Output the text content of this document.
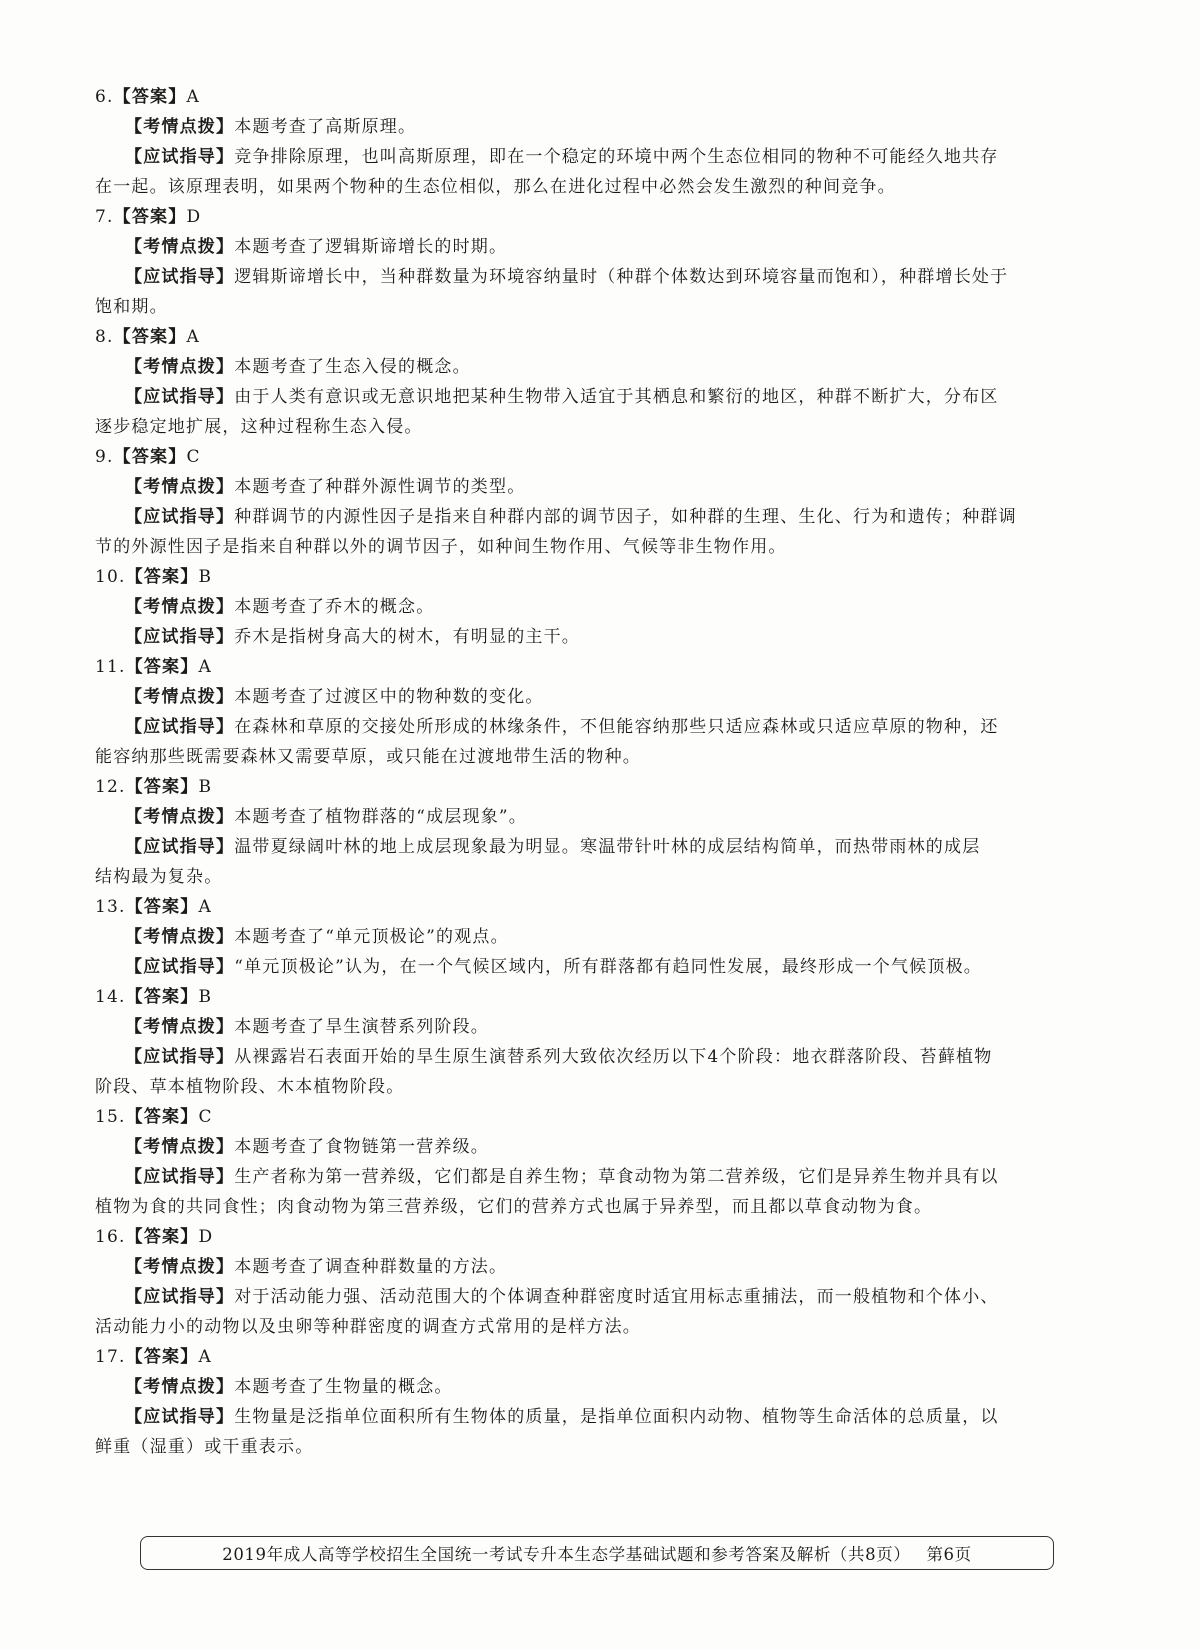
6.【答案】A
【考情点拨】本题考查了高斯原理。
【应试指导】竞争排除原理，也叫高斯原理，即在一个稳定的环境中两个生态位相同的物种不可能经久地共存
在一起。该原理表明，如果两个物种的生态位相似，那么在进化过程中必然会发生激烈的种间竞争。
7.【答案】D
【考情点拨】本题考查了逻辑斯谛增长的时期。
【应试指导】逻辑斯谛增长中，当种群数量为环境容纳量时（种群个体数达到环境容量而饱和），种群增长处于
饱和期。
8.【答案】A
【考情点拨】本题考查了生态入侵的概念。
【应试指导】由于人类有意识或无意识地把某种生物带入适宜于其栖息和繁衍的地区，种群不断扩大，分布区
逐步稳定地扩展，这种过程称生态入侵。
9.【答案】C
【考情点拨】本题考查了种群外源性调节的类型。
【应试指导】种群调节的内源性因子是指来自种群内部的调节因子，如种群的生理、生化、行为和遗传；种群调
节的外源性因子是指来自种群以外的调节因子，如种间生物作用、气候等非生物作用。
10.【答案】B
【考情点拨】本题考查了乔木的概念。
【应试指导】乔木是指树身高大的树木，有明显的主干。
11.【答案】A
【考情点拨】本题考查了过渡区中的物种数的变化。
【应试指导】在森林和草原的交接处所形成的林缘条件，不但能容纳那些只适应森林或只适应草原的物种，还
能容纳那些既需要森林又需要草原，或只能在过渡地带生活的物种。
12.【答案】B
【考情点拨】本题考查了植物群落的“成层现象”。
【应试指导】温带夏绿阔叶林的地上成层现象最为明显。寒温带针叶林的成层结构简单，而热带雨林的成层
结构最为复杂。
13.【答案】A
【考情点拨】本题考查了“单元顶极论”的观点。
【应试指导】“单元顶极论”认为，在一个气候区域内，所有群落都有趋同性发展，最终形成一个气候顶极。
14.【答案】B
【考情点拨】本题考查了旱生演替系列阶段。
【应试指导】从裸露岩石表面开始的旱生原生演替系列大致依次经历以下4个阶段：地衣群落阶段、苔藓植物
阶段、草本植物阶段、木本植物阶段。
15.【答案】C
【考情点拨】本题考查了食物链第一营养级。
【应试指导】生产者称为第一营养级，它们都是自养生物；草食动物为第二营养级，它们是异养生物并具有以
植物为食的共同食性；肉食动物为第三营养级，它们的营养方式也属于异养型，而且都以草食动物为食。
16.【答案】D
【考情点拨】本题考查了调查种群数量的方法。
【应试指导】对于活动能力强、活动范围大的个体调查种群密度时适宜用标志重捕法，而一般植物和个体小、
活动能力小的动物以及虫卵等种群密度的调查方式常用的是样方法。
17.【答案】A
【考情点拨】本题考查了生物量的概念。
【应试指导】生物量是泛指单位面积所有生物体的质量，是指单位面积内动物、植物等生命活体的总质量，以
鲜重（湿重）或干重表示。
2019年成人高等学校招生全国统一考试专升本生态学基础试题和参考答案及解析（共8页） 第6页
